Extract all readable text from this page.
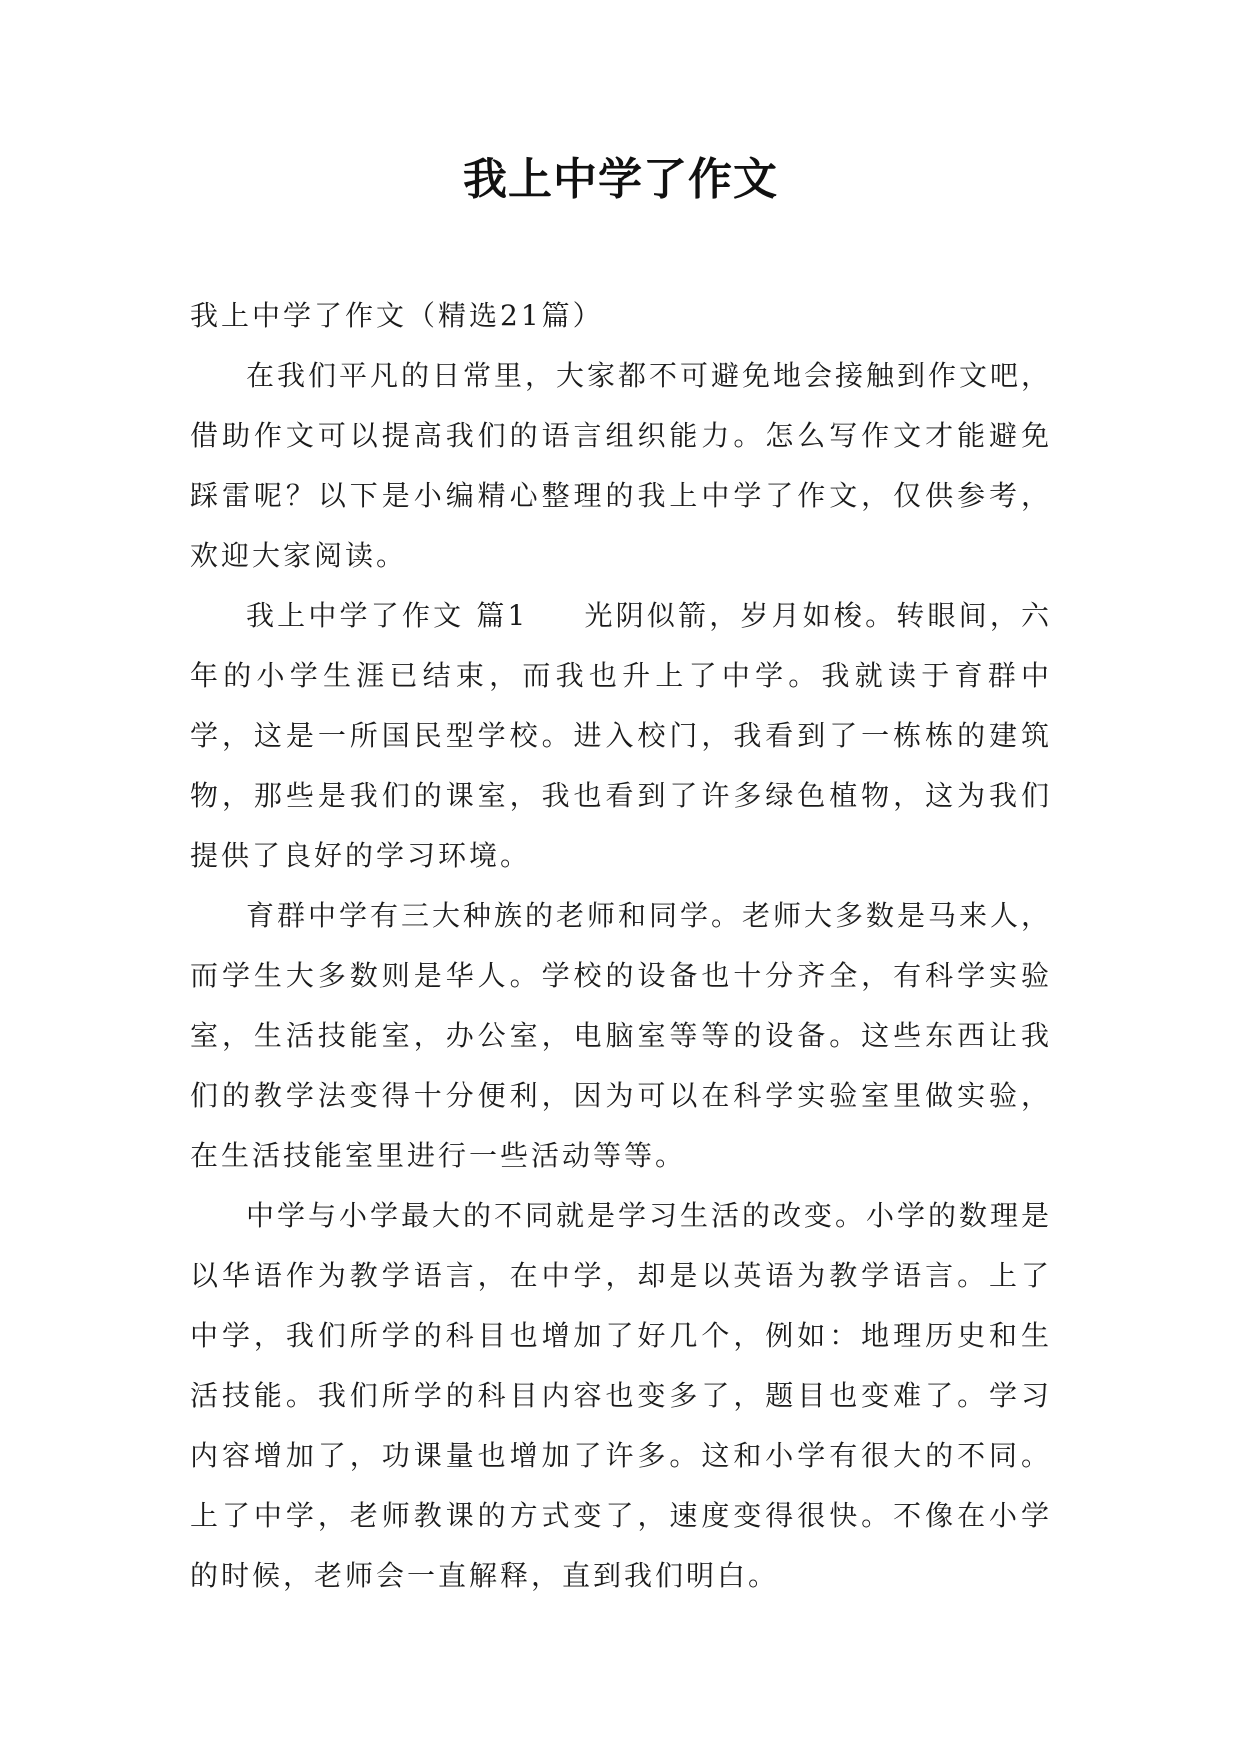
我上中学了作文

我上中学了作文（精选21篇）

在我们平凡的日常里，大家都不可避免地会接触到作文吧，借助作文可以提高我们的语言组织能力。怎么写作文才能避免踩雷呢？以下是小编精心整理的我上中学了作文，仅供参考，欢迎大家阅读。

我上中学了作文 篇1 光阴似箭，岁月如梭。转眼间，六年的小学生涯已结束，而我也升上了中学。我就读于育群中学，这是一所国民型学校。进入校门，我看到了一栋栋的建筑物，那些是我们的课室，我也看到了许多绿色植物，这为我们提供了良好的学习环境。

育群中学有三大种族的老师和同学。老师大多数是马来人，而学生大多数则是华人。学校的设备也十分齐全，有科学实验室，生活技能室，办公室，电脑室等等的设备。这些东西让我们的教学法变得十分便利，因为可以在科学实验室里做实验，在生活技能室里进行一些活动等等。

中学与小学最大的不同就是学习生活的改变。小学的数理是以华语作为教学语言，在中学，却是以英语为教学语言。上了中学，我们所学的科目也增加了好几个，例如：地理历史和生活技能。我们所学的科目内容也变多了，题目也变难了。学习内容增加了，功课量也增加了许多。这和小学有很大的不同。上了中学，老师教课的方式变了，速度变得很快。不像在小学的时候，老师会一直解释，直到我们明白。
